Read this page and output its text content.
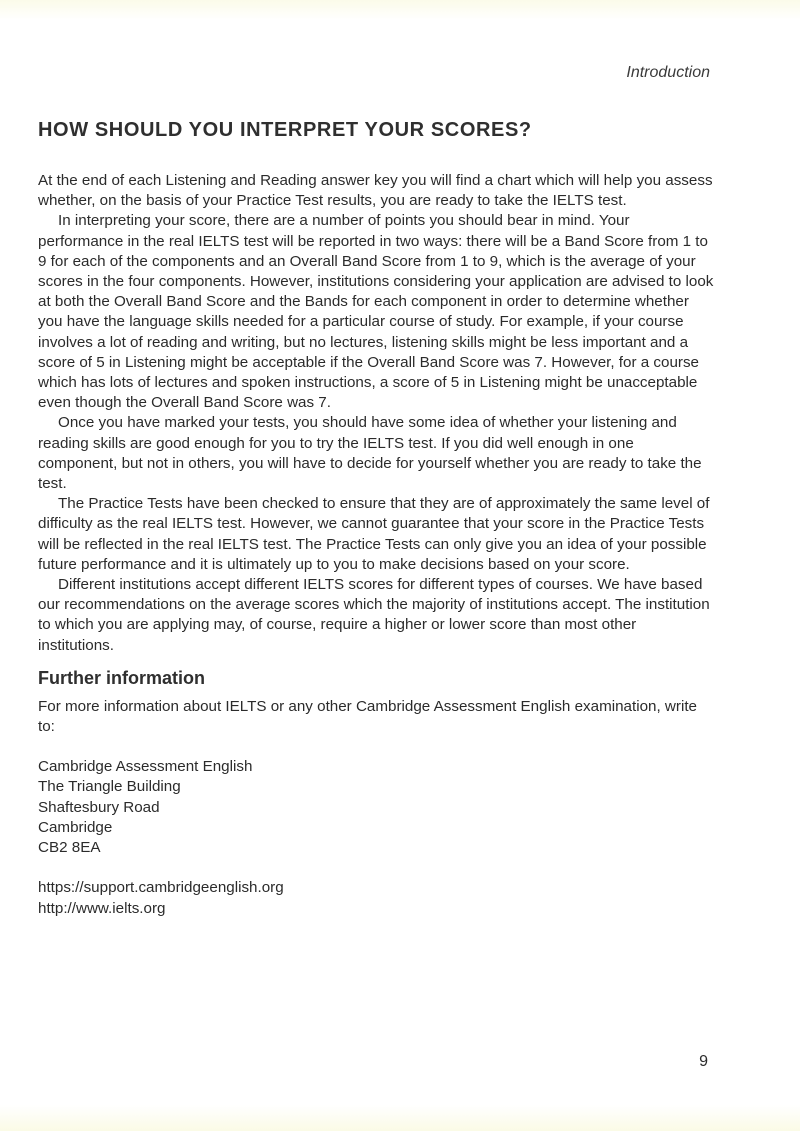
Introduction
HOW SHOULD YOU INTERPRET YOUR SCORES?

At the end of each Listening and Reading answer key you will find a chart which will help you assess whether, on the basis of your Practice Test results, you are ready to take the IELTS test.

In interpreting your score, there are a number of points you should bear in mind. Your performance in the real IELTS test will be reported in two ways: there will be a Band Score from 1 to 9 for each of the components and an Overall Band Score from 1 to 9, which is the average of your scores in the four components. However, institutions considering your application are advised to look at both the Overall Band Score and the Bands for each component in order to determine whether you have the language skills needed for a particular course of study. For example, if your course involves a lot of reading and writing, but no lectures, listening skills might be less important and a score of 5 in Listening might be acceptable if the Overall Band Score was 7. However, for a course which has lots of lectures and spoken instructions, a score of 5 in Listening might be unacceptable even though the Overall Band Score was 7.

Once you have marked your tests, you should have some idea of whether your listening and reading skills are good enough for you to try the IELTS test. If you did well enough in one component, but not in others, you will have to decide for yourself whether you are ready to take the test.

The Practice Tests have been checked to ensure that they are of approximately the same level of difficulty as the real IELTS test. However, we cannot guarantee that your score in the Practice Tests will be reflected in the real IELTS test. The Practice Tests can only give you an idea of your possible future performance and it is ultimately up to you to make decisions based on your score.

Different institutions accept different IELTS scores for different types of courses. We have based our recommendations on the average scores which the majority of institutions accept. The institution to which you are applying may, of course, require a higher or lower score than most other institutions.

Further information

For more information about IELTS or any other Cambridge Assessment English examination, write to:

Cambridge Assessment English
The Triangle Building
Shaftesbury Road
Cambridge
CB2 8EA
https://support.cambridgeenglish.org
http://www.ielts.org
9
